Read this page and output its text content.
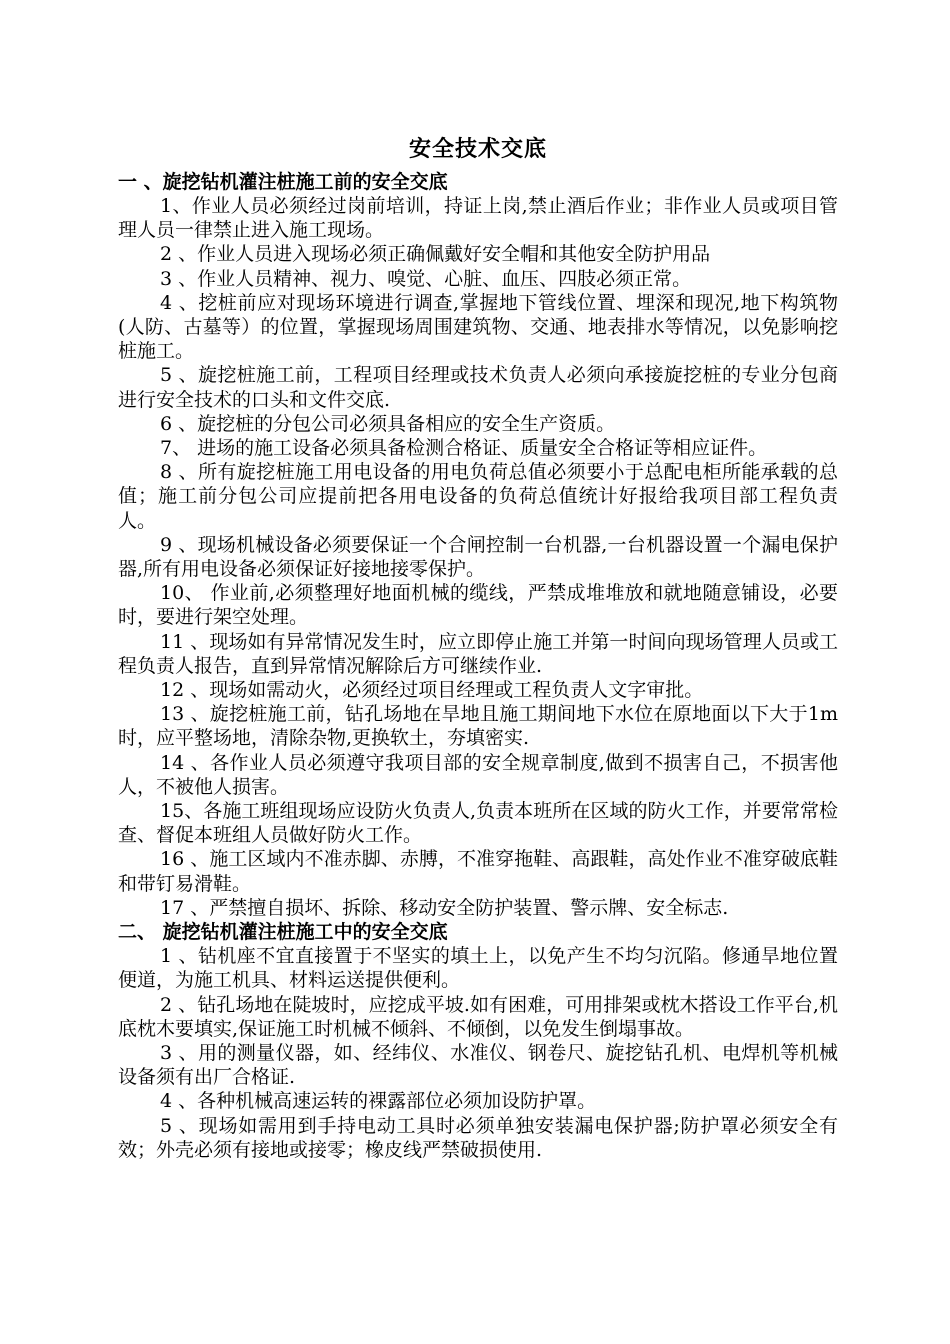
安全技术交底
一 、旋挖钻机灌注桩施工前的安全交底

1、作业人员必须经过岗前培训，持证上岗,禁止酒后作业；非作业人员或项目管理人员一律禁止进入施工现场。

2 、作业人员进入现场必须正确佩戴好安全帽和其他安全防护用品

3 、作业人员精神、视力、嗅觉、心脏、血压、四肢必须正常。

4 、挖桩前应对现场环境进行调查,掌握地下管线位置、埋深和现况,地下构筑物(人防、古墓等）的位置，掌握现场周围建筑物、交通、地表排水等情况，以免影响挖桩施工。

5 、旋挖桩施工前，工程项目经理或技术负责人必须向承接旋挖桩的专业分包商进行安全技术的口头和文件交底.

6 、旋挖桩的分包公司必须具备相应的安全生产资质。

7、 进场的施工设备必须具备检测合格证、质量安全合格证等相应证件。

8 、所有旋挖桩施工用电设备的用电负荷总值必须要小于总配电柜所能承载的总值；施工前分包公司应提前把各用电设备的负荷总值统计好报给我项目部工程负责人。

9 、现场机械设备必须要保证一个合闸控制一台机器,一台机器设置一个漏电保护器,所有用电设备必须保证好接地接零保护。

10、 作业前,必须整理好地面机械的缆线，严禁成堆堆放和就地随意铺设，必要时，要进行架空处理。

11 、现场如有异常情况发生时，应立即停止施工并第一时间向现场管理人员或工程负责人报告，直到异常情况解除后方可继续作业.

12 、现场如需动火，必须经过项目经理或工程负责人文字审批。

13 、旋挖桩施工前，钻孔场地在旱地且施工期间地下水位在原地面以下大于1m时，应平整场地，清除杂物,更换软土，夯填密实.

14 、各作业人员必须遵守我项目部的安全规章制度,做到不损害自己，不损害他人，不被他人损害。

15、各施工班组现场应设防火负责人,负责本班所在区域的防火工作，并要常常检查、督促本班组人员做好防火工作。

16 、施工区域内不准赤脚、赤膊，不准穿拖鞋、高跟鞋，高处作业不准穿破底鞋和带钉易滑鞋。

17 、严禁擅自损坏、拆除、移动安全防护装置、警示牌、安全标志.

二、 旋挖钻机灌注桩施工中的安全交底

1 、钻机座不宜直接置于不坚实的填土上，以免产生不均匀沉陷。修通旱地位置便道，为施工机具、材料运送提供便利。

2 、钻孔场地在陡坡时，应挖成平坡.如有困难，可用排架或枕木搭设工作平台,机底枕木要填实,保证施工时机械不倾斜、不倾倒，以免发生倒塌事故。

3 、用的测量仪器，如、经纬仪、水准仪、钢卷尺、旋挖钻孔机、电焊机等机械设备须有出厂合格证.

4 、各种机械高速运转的裸露部位必须加设防护罩。

5 、现场如需用到手持电动工具时必须单独安装漏电保护器;防护罩必须安全有效；外壳必须有接地或接零；橡皮线严禁破损使用.
